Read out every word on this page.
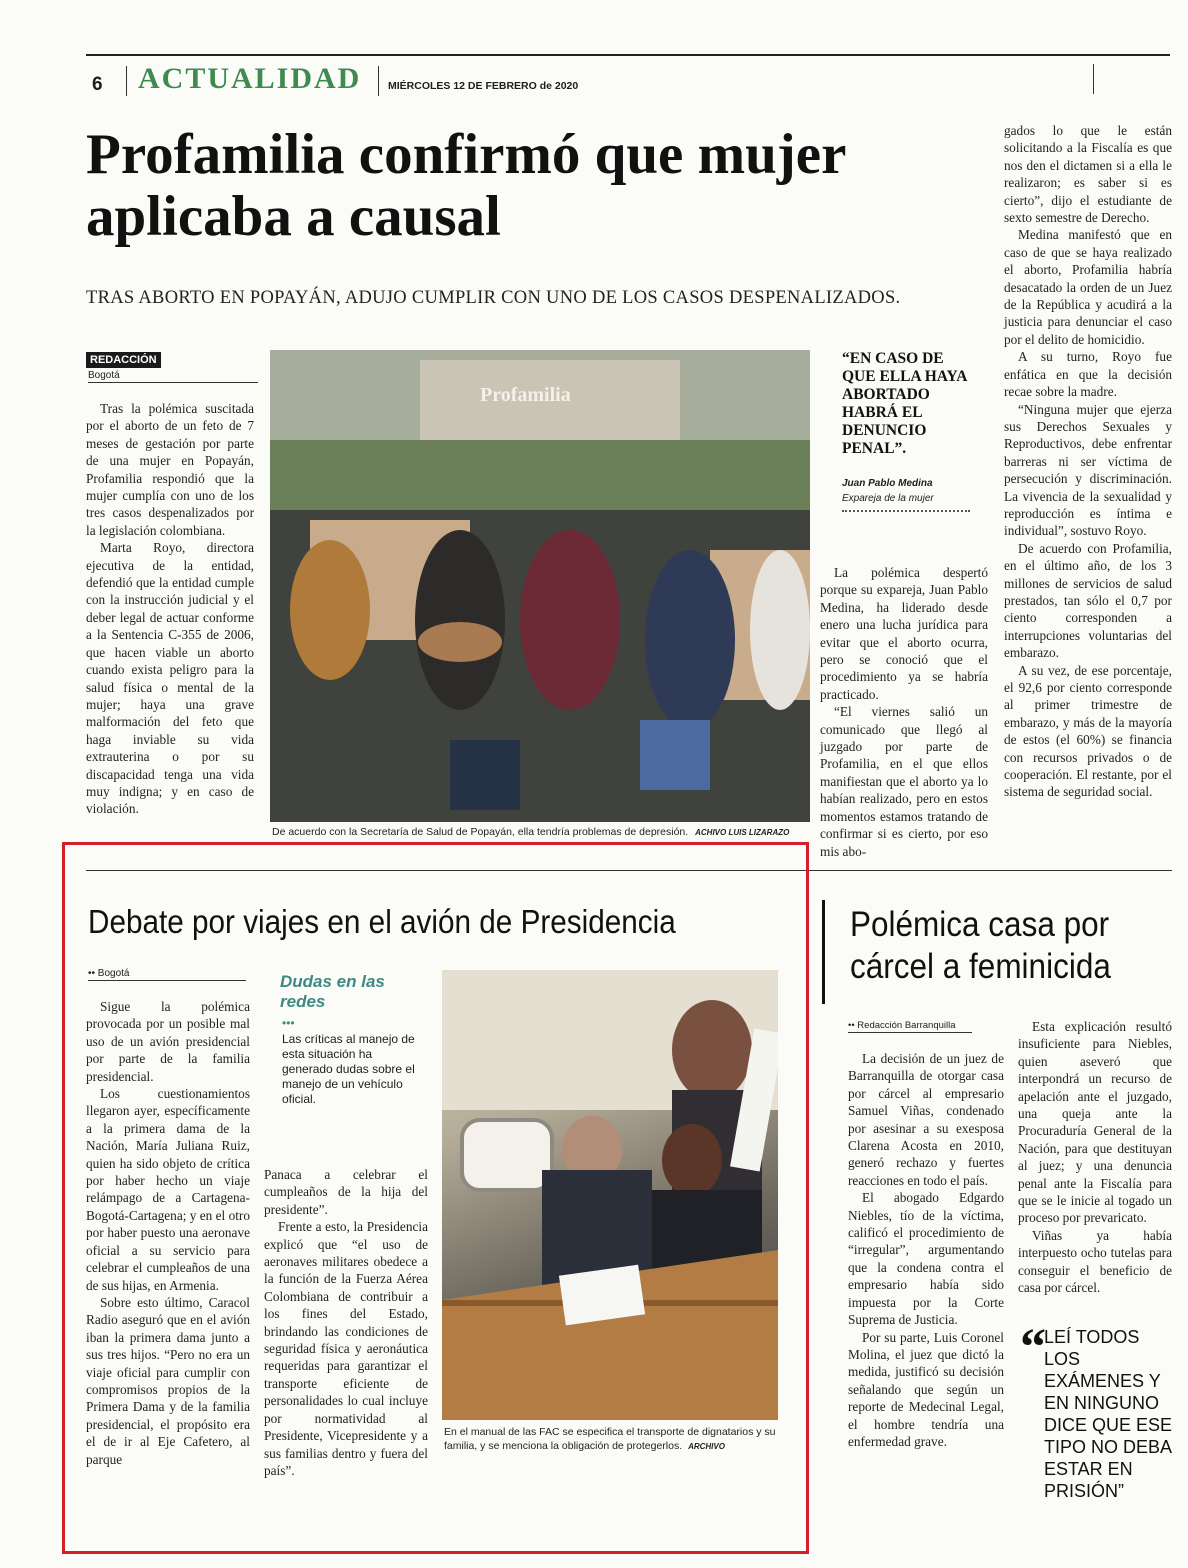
6 ACTUALIDAD	MIÉRCOLES 12 DE FEBRERO de 2020
Profamilia confirmó que mujer aplicaba a causal
TRAS ABORTO EN POPAYÁN, ADUJO CUMPLIR CON UNO DE LOS CASOS DESPENALIZADOS.
REDACCIÓN
Bogotá

Tras la polémica suscitada por el aborto de un feto de 7 meses de gestación por parte de una mujer en Popayán, Profamilia respondió que la mujer cumplía con uno de los tres casos despenalizados por la legislación colombiana.

Marta Royo, directora ejecutiva de la entidad, defendió que la entidad cumple con la instrucción judicial y el deber legal de actuar conforme a la Sentencia C-355 de 2006, que hacen viable un aborto cuando exista peligro para la salud física o mental de la mujer; haya una grave malformación del feto que haga inviable su vida extrauterina o por su discapacidad tenga una vida muy indigna; y en caso de violación.

Profamilia
De acuerdo con la Secretaría de Salud de Popayán, ella tendría problemas de depresión. ACHIVO LUIS LIZARAZO
“EN CASO DE QUE ELLA HAYA ABORTADO HABRÁ EL DENUNCIO PENAL”.
Juan Pablo Medina
Expareja de la mujer

La polémica despertó porque su expareja, Juan Pablo Medina, ha liderado desde enero una lucha jurídica para evitar que el aborto ocurra, pero se conoció que el procedimiento ya se habría practicado.

“El viernes salió un comunicado que llegó al juzgado por parte de Profamilia, en el que ellos manifiestan que el aborto ya lo habían realizado, pero en estos momentos estamos tratando de confirmar si es cierto, por eso mis abo-

gados lo que le están solicitando a la Fiscalía es que nos den el dictamen si a ella le realizaron; es saber si es cierto”, dijo el estudiante de sexto semestre de Derecho.

Medina manifestó que en caso de que se haya realizado el aborto, Profamilia habría desacatado la orden de un Juez de la República y acudirá a la justicia para denunciar el caso por el delito de homicidio.

A su turno, Royo fue enfática en que la decisión recae sobre la madre.

“Ninguna mujer que ejerza sus Derechos Sexuales y Reproductivos, debe enfrentar barreras ni ser víctima de persecución y discriminación. La vivencia de la sexualidad y reproducción es íntima e individual”, sostuvo Royo.

De acuerdo con Profamilia, en el último año, de los 3 millones de servicios de salud prestados, tan sólo el 0,7 por ciento corresponden a interrupciones voluntarias del embarazo.

A su vez, de ese porcentaje, el 92,6 por ciento corresponde al primer trimestre de embarazo, y más de la mayoría de estos (el 60%) se financia con recursos privados o de cooperación. El restante, por el sistema de seguridad social.

Debate por viajes en el avión de Presidencia
•• Bogotá

Sigue la polémica provocada por un posible mal uso de un avión presidencial por parte de la familia presidencial.

Los cuestionamientos llegaron ayer, específicamente a la primera dama de la Nación, María Juliana Ruiz, quien ha sido objeto de crítica por haber hecho un viaje relámpago de a Cartagena-Bogotá-Cartagena; y en el otro por haber puesto una aeronave oficial a su servicio para celebrar el cumpleaños de una de sus hijas, en Armenia.

Sobre esto último, Caracol Radio aseguró que en el avión iban la primera dama junto a sus tres hijos. “Pero no era un viaje oficial para cumplir con compromisos propios de la Primera Dama y de la familia presidencial, el propósito era el de ir al Eje Cafetero, al parque

Dudas en las redes
•••
Las críticas al manejo de esta situación ha generado dudas sobre el manejo de un vehículo oficial.

Panaca a celebrar el cumpleaños de la hija del presidente”.

Frente a esto, la Presidencia explicó que “el uso de aeronaves militares obedece a la función de la Fuerza Aérea Colombiana de contribuir a los fines del Estado, brindando las condiciones de seguridad física y aeronáutica requeridas para garantizar el transporte eficiente de personalidades lo cual incluye por normatividad al Presidente, Vicepresidente y a sus familias dentro y fuera del país”.

En el manual de las FAC se especifica el transporte de dignatarios y su familia, y se menciona la obligación de protegerlos. ARCHIVO
Polémica casa por cárcel a feminicida
•• Redacción Barranquilla

La decisión de un juez de Barranquilla de otorgar casa por cárcel al empresario Samuel Viñas, condenado por asesinar a su exesposa Clarena Acosta en 2010, generó rechazo y fuertes reacciones en todo el país.

El abogado Edgardo Niebles, tío de la víctima, calificó el procedimiento de “irregular”, argumentando que la condena contra el empresario había sido impuesta por la Corte Suprema de Justicia.

Por su parte, Luis Coronel Molina, el juez que dictó la medida, justificó su decisión señalando que según un reporte de Medecinal Legal, el hombre tendría una enfermedad grave.

Esta explicación resultó insuficiente para Niebles, quien aseveró que interpondrá un recurso de apelación ante el juzgado, una queja ante la Procuraduría General de la Nación, para que destituyan al juez; y una denuncia penal ante la Fiscalía para que se le inicie al togado un proceso por prevaricato.

Viñas ya había interpuesto ocho tutelas para conseguir el beneficio de casa por cárcel.

“
LEÍ TODOS LOS EXÁMENES Y EN NINGUNO DICE QUE ESE TIPO NO DEBA ESTAR EN PRISIÓN”
